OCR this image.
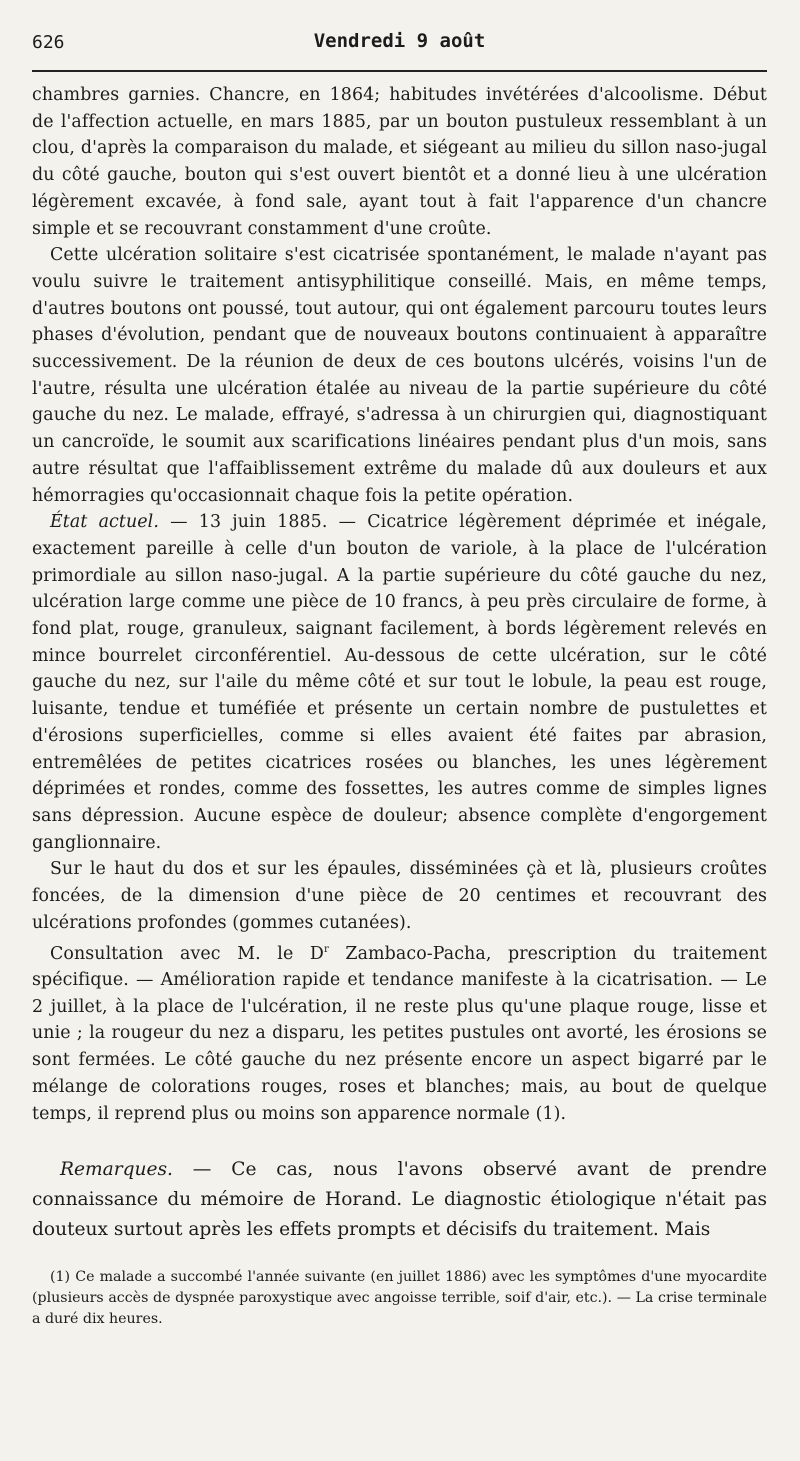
626	Vendredi 9 août

chambres garnies. Chancre, en 1864; habitudes invétérées d'alcoolisme. Début de l'affection actuelle, en mars 1885, par un bouton pustuleux ressemblant à un clou, d'après la comparaison du malade, et siégeant au milieu du sillon naso-jugal du côté gauche, bouton qui s'est ouvert bientôt et a donné lieu à une ulcération légèrement excavée, à fond sale, ayant tout à fait l'apparence d'un chancre simple et se recouvrant constamment d'une croûte.

Cette ulcération solitaire s'est cicatrisée spontanément, le malade n'ayant pas voulu suivre le traitement antisyphilitique conseillé. Mais, en même temps, d'autres boutons ont poussé, tout autour, qui ont également parcouru toutes leurs phases d'évolution, pendant que de nouveaux boutons continuaient à apparaître successivement. De la réunion de deux de ces boutons ulcérés, voisins l'un de l'autre, résulta une ulcération étalée au niveau de la partie supérieure du côté gauche du nez. Le malade, effrayé, s'adressa à un chirurgien qui, diagnostiquant un cancroïde, le soumit aux scarifications linéaires pendant plus d'un mois, sans autre résultat que l'affaiblissement extrême du malade dû aux douleurs et aux hémorragies qu'occasionnait chaque fois la petite opération.

État actuel. — 13 juin 1885. — Cicatrice légèrement déprimée et inégale, exactement pareille à celle d'un bouton de variole, à la place de l'ulcération primordiale au sillon naso-jugal. A la partie supérieure du côté gauche du nez, ulcération large comme une pièce de 10 francs, à peu près circulaire de forme, à fond plat, rouge, granuleux, saignant facilement, à bords légèrement relevés en mince bourrelet circonférentiel. Au-dessous de cette ulcération, sur le côté gauche du nez, sur l'aile du même côté et sur tout le lobule, la peau est rouge, luisante, tendue et tuméfiée et présente un certain nombre de pustulettes et d'érosions superficielles, comme si elles avaient été faites par abrasion, entremêlées de petites cicatrices rosées ou blanches, les unes légèrement déprimées et rondes, comme des fossettes, les autres comme de simples lignes sans dépression. Aucune espèce de douleur; absence complète d'engorgement ganglionnaire.

Sur le haut du dos et sur les épaules, disséminées çà et là, plusieurs croûtes foncées, de la dimension d'une pièce de 20 centimes et recouvrant des ulcérations profondes (gommes cutanées).

Consultation avec M. le $D^r$ Zambaco-Pacha, prescription du traitement spécifique. — Amélioration rapide et tendance manifeste à la cicatrisation. — Le 2 juillet, à la place de l'ulcération, il ne reste plus qu'une plaque rouge, lisse et unie ; la rougeur du nez a disparu, les petites pustules ont avorté, les érosions se sont fermées. Le côté gauche du nez présente encore un aspect bigarré par le mélange de colorations rouges, roses et blanches; mais, au bout de quelque temps, il reprend plus ou moins son apparence normale (1).

Remarques. — Ce cas, nous l'avons observé avant de prendre connaissance du mémoire de Horand. Le diagnostic étiologique n'était pas douteux surtout après les effets prompts et décisifs du traitement. Mais

(1) Ce malade a succombé l'année suivante (en juillet 1886) avec les symptômes d'une myocardite (plusieurs accès de dyspnée paroxystique avec angoisse terrible, soif d'air, etc.). — La crise terminale a duré dix heures.
